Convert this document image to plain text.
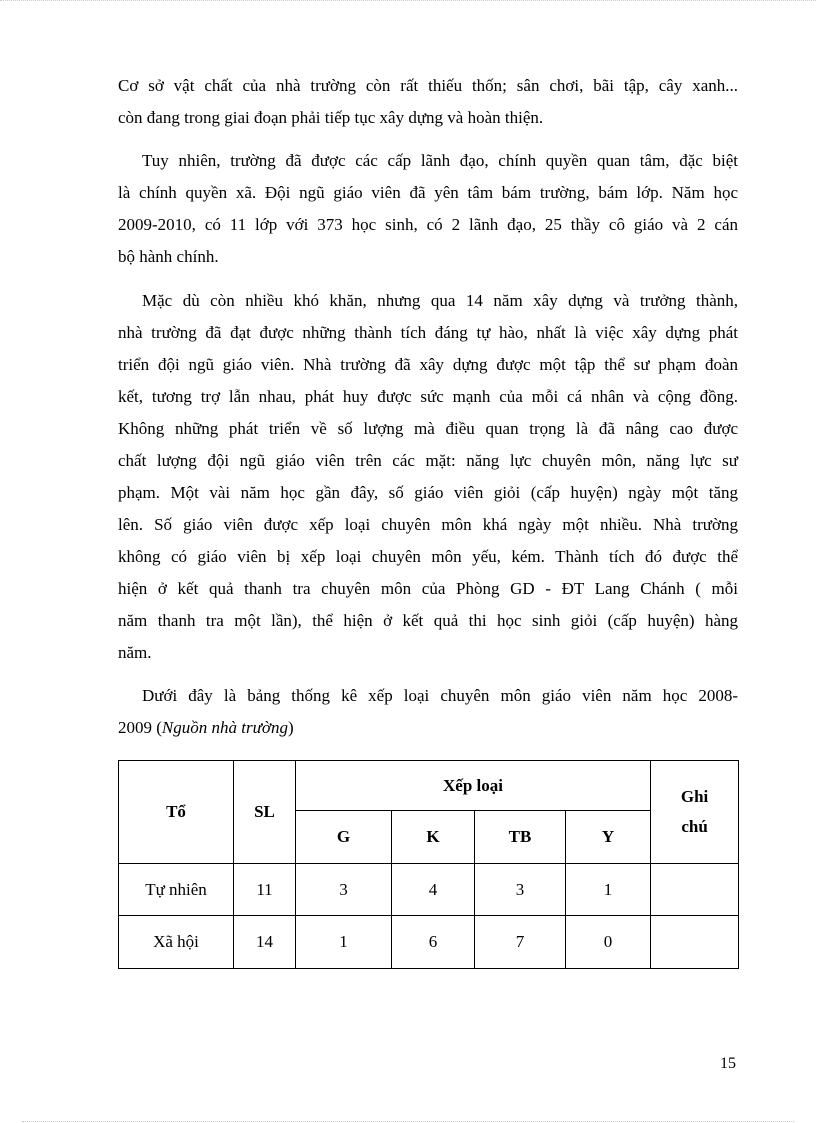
Cơ sở vật chất của nhà trường còn rất thiếu thốn; sân chơi, bãi tập, cây xanh...
còn đang trong giai đoạn phải tiếp tục xây dựng và hoàn thiện.
Tuy nhiên, trường đã được các cấp lãnh đạo, chính quyền quan tâm, đặc biệt
là chính quyền xã. Đội ngũ giáo viên đã yên tâm bám trường, bám lớp. Năm học
2009-2010, có 11 lớp với 373 học sinh, có 2 lãnh đạo, 25 thầy cô giáo và 2 cán
bộ hành chính.
Mặc dù còn nhiều khó khăn, nhưng qua 14 năm xây dựng và trưởng thành,
nhà trường đã đạt được những thành tích đáng tự hào, nhất là việc xây dựng phát
triển đội ngũ giáo viên. Nhà trường đã xây dựng được một tập thể sư phạm đoàn
kết, tương trợ lẫn nhau, phát huy được sức mạnh của mỗi cá nhân và cộng đồng.
Không những phát triển về số lượng mà điều quan trọng là đã nâng cao được
chất lượng đội ngũ giáo viên trên các mặt: năng lực chuyên môn, năng lực sư
phạm. Một vài năm học gần đây, số giáo viên giỏi (cấp huyện) ngày một tăng
lên. Số giáo viên được xếp loại chuyên môn khá ngày một nhiều. Nhà trường
không có giáo viên bị xếp loại chuyên môn yếu, kém. Thành tích đó được thể
hiện ở kết quả thanh tra chuyên môn của Phòng GD - ĐT Lang Chánh ( mỗi
năm thanh tra một lần), thể hiện ở kết quả thi học sinh giỏi (cấp huyện) hàng
năm.
Dưới đây là bảng thống kê xếp loại chuyên môn giáo viên năm học 2008-
2009 (Nguồn nhà trường)
Tổ	SL	Xếp loại				Ghi chú

		G	K	TB	Y	
Tự nhiên	11	3	4	3	1	
Xã hội	14	1	6	7	0	
15
